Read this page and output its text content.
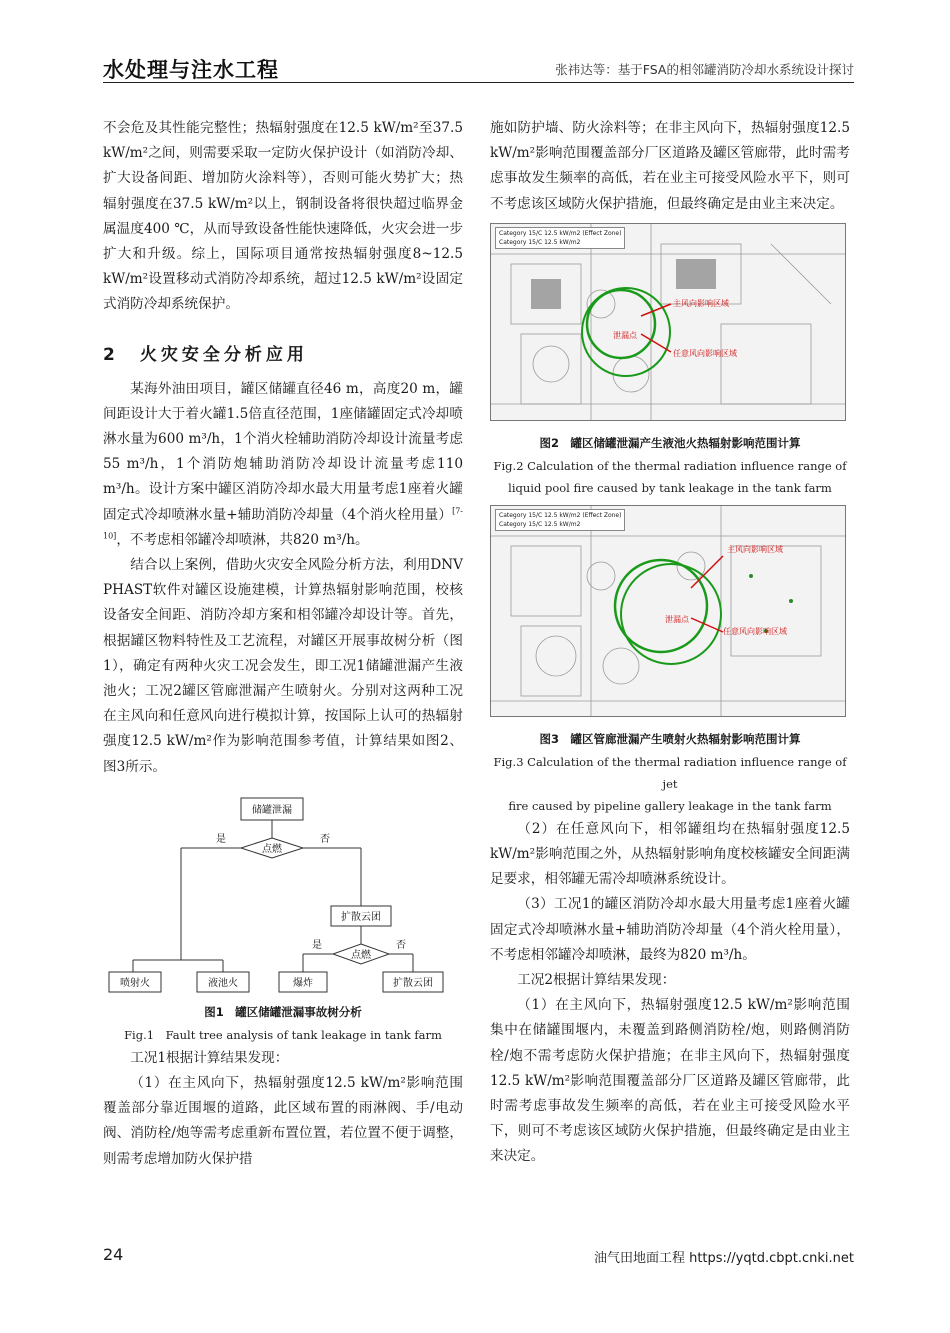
水处理与注水工程	张祎达等：基于FSA的相邻罐消防冷却水系统设计探讨

不会危及其性能完整性；热辐射强度在12.5 kW/m²至37.5 kW/m²之间，则需要采取一定防火保护设计（如消防冷却、扩大设备间距、增加防火涂料等），否则可能火势扩大；热辐射强度在37.5 kW/m²以上，钢制设备将很快超过临界金属温度400 ℃，从而导致设备性能快速降低，火灾会进一步扩大和升级。综上，国际项目通常按热辐射强度8~12.5 kW/m²设置移动式消防冷却系统，超过12.5 kW/m²设固定式消防冷却系统保护。

2　火灾安全分析应用

某海外油田项目，罐区储罐直径46 m，高度20 m，罐间距设计大于着火罐1.5倍直径范围，1座储罐固定式冷却喷淋水量为600 m³/h，1个消火栓辅助消防冷却设计流量考虑55 m³/h，1个消防炮辅助消防冷却设计流量考虑110 m³/h。设计方案中罐区消防冷却水最大用量考虑1座着火罐固定式冷却喷淋水量+辅助消防冷却量（4个消火栓用量）[7-10]，不考虑相邻罐冷却喷淋，共820 m³/h。

结合以上案例，借助火灾安全风险分析方法，利用DNV PHAST软件对罐区设施建模，计算热辐射影响范围，校核设备安全间距、消防冷却方案和相邻罐冷却设计等。首先，根据罐区物料特性及工艺流程，对罐区开展事故树分析（图1），确定有两种火灾工况会发生，即工况1储罐泄漏产生液池火；工况2罐区管廊泄漏产生喷射火。分别对这两种工况在主风向和任意风向进行模拟计算，按国际上认可的热辐射强度12.5 kW/m²作为影响范围参考值，计算结果如图2、图3所示。

储罐泄漏
点燃
是	否
扩散云团
点燃
是	否
喷射火	液池火	爆炸	扩散云团
图1　罐区储罐泄漏事故树分析
Fig.1　Fault tree analysis of tank leakage in tank farm

工况1根据计算结果发现：

（1）在主风向下，热辐射强度12.5 kW/m²影响范围覆盖部分靠近围堰的道路，此区域布置的雨淋阀、手/电动阀、消防栓/炮等需考虑重新布置位置，若位置不便于调整，则需考虑增加防火保护措

施如防护墙、防火涂料等；在非主风向下，热辐射强度12.5 kW/m²影响范围覆盖部分厂区道路及罐区管廊带，此时需考虑事故发生频率的高低，若在业主可接受风险水平下，则可不考虑该区域防火保护措施，但最终确定是由业主来决定。

Category 15/C 12.5 kW/m2 (Effect Zone)
Category 15/C 12.5 kW/m2
主风向影响区域
泄漏点
任意风向影响区域
图2　罐区储罐泄漏产生液池火热辐射影响范围计算
Fig.2 Calculation of the thermal radiation influence range of
liquid pool fire caused by tank leakage in the tank farm
Category 15/C 12.5 kW/m2 (Effect Zone)
Category 15/C 12.5 kW/m2
主风向影响区域
泄漏点
任意风向影响区域
图3　罐区管廊泄漏产生喷射火热辐射影响范围计算
Fig.3 Calculation of the thermal radiation influence range of jet
fire caused by pipeline gallery leakage in the tank farm

（2）在任意风向下，相邻罐组均在热辐射强度12.5 kW/m²影响范围之外，从热辐射影响角度校核罐安全间距满足要求，相邻罐无需冷却喷淋系统设计。

（3）工况1的罐区消防冷却水最大用量考虑1座着火罐固定式冷却喷淋水量+辅助消防冷却量（4个消火栓用量），不考虑相邻罐冷却喷淋，最终为820 m³/h。

工况2根据计算结果发现：

（1）在主风向下，热辐射强度12.5 kW/m²影响范围集中在储罐围堰内，未覆盖到路侧消防栓/炮，则路侧消防栓/炮不需考虑防火保护措施；在非主风向下，热辐射强度12.5 kW/m²影响范围覆盖部分厂区道路及罐区管廊带，此时需考虑事故发生频率的高低，若在业主可接受风险水平下，则可不考虑该区域防火保护措施，但最终确定是由业主来决定。

24	油气田地面工程 https://yqtd.cbpt.cnki.net
